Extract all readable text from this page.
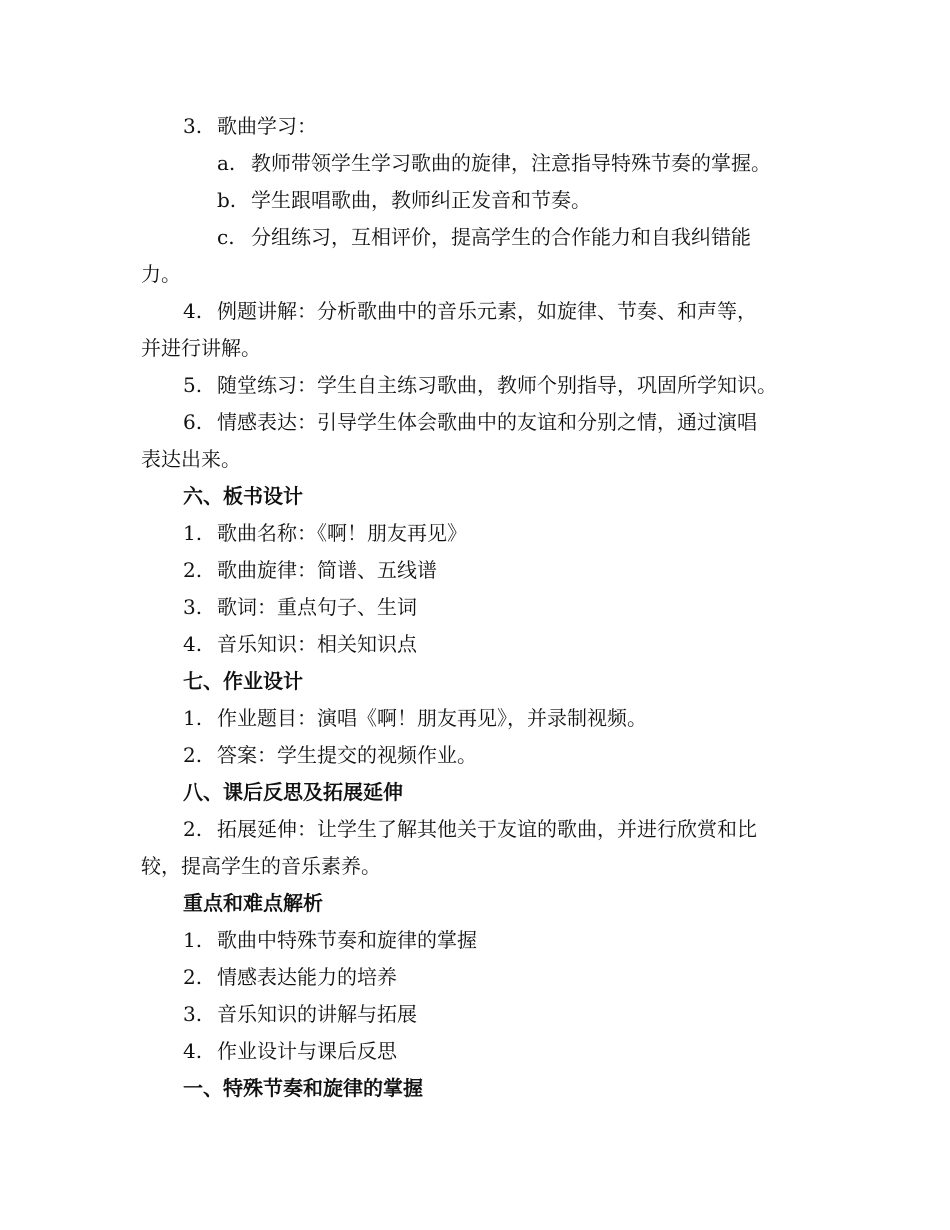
3. 歌曲学习：
a. 教师带领学生学习歌曲的旋律，注意指导特殊节奏的掌握。
b. 学生跟唱歌曲，教师纠正发音和节奏。
c. 分组练习，互相评价，提高学生的合作能力和自我纠错能
力。
4. 例题讲解：分析歌曲中的音乐元素，如旋律、节奏、和声等，
并进行讲解。
5. 随堂练习：学生自主练习歌曲，教师个别指导，巩固所学知识。
6. 情感表达：引导学生体会歌曲中的友谊和分别之情，通过演唱
表达出来。
六、板书设计
1. 歌曲名称：《啊！朋友再见》
2. 歌曲旋律：简谱、五线谱
3. 歌词：重点句子、生词
4. 音乐知识：相关知识点
七、作业设计
1. 作业题目：演唱《啊！朋友再见》，并录制视频。
2. 答案：学生提交的视频作业。
八、课后反思及拓展延伸
2. 拓展延伸：让学生了解其他关于友谊的歌曲，并进行欣赏和比
较，提高学生的音乐素养。
重点和难点解析
1. 歌曲中特殊节奏和旋律的掌握
2. 情感表达能力的培养
3. 音乐知识的讲解与拓展
4. 作业设计与课后反思
一、特殊节奏和旋律的掌握
